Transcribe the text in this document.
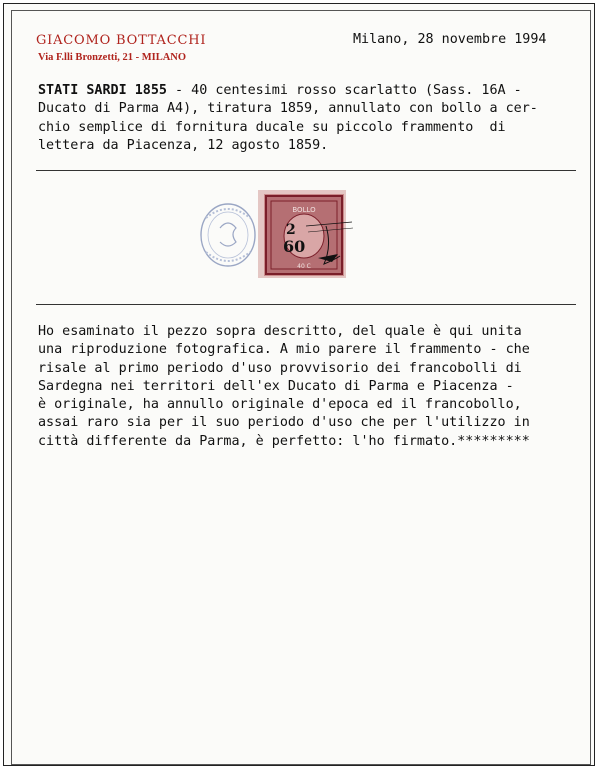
GIACOMO BOTTACCHI
Via F.lli Bronzetti, 21 - MILANO
Milano, 28 novembre 1994
STATI SARDI 1855 - 40 centesimi rosso scarlatto (Sass. 16A -
Ducato di Parma A4), tiratura 1859, annullato con bollo a cer-
chio semplice di fornitura ducale su piccolo frammento  di
lettera da Piacenza, 12 agosto 1859.
BOLLO
2
60
40 C
Ho esaminato il pezzo sopra descritto, del quale è qui unita
una riproduzione fotografica. A mio parere il frammento - che
risale al primo periodo d'uso provvisorio dei francobolli di
Sardegna nei territori dell'ex Ducato di Parma e Piacenza -
è originale, ha annullo originale d'epoca ed il francobollo,
assai raro sia per il suo periodo d'uso che per l'utilizzo in
città differente da Parma, è perfetto: l'ho firmato.*********
